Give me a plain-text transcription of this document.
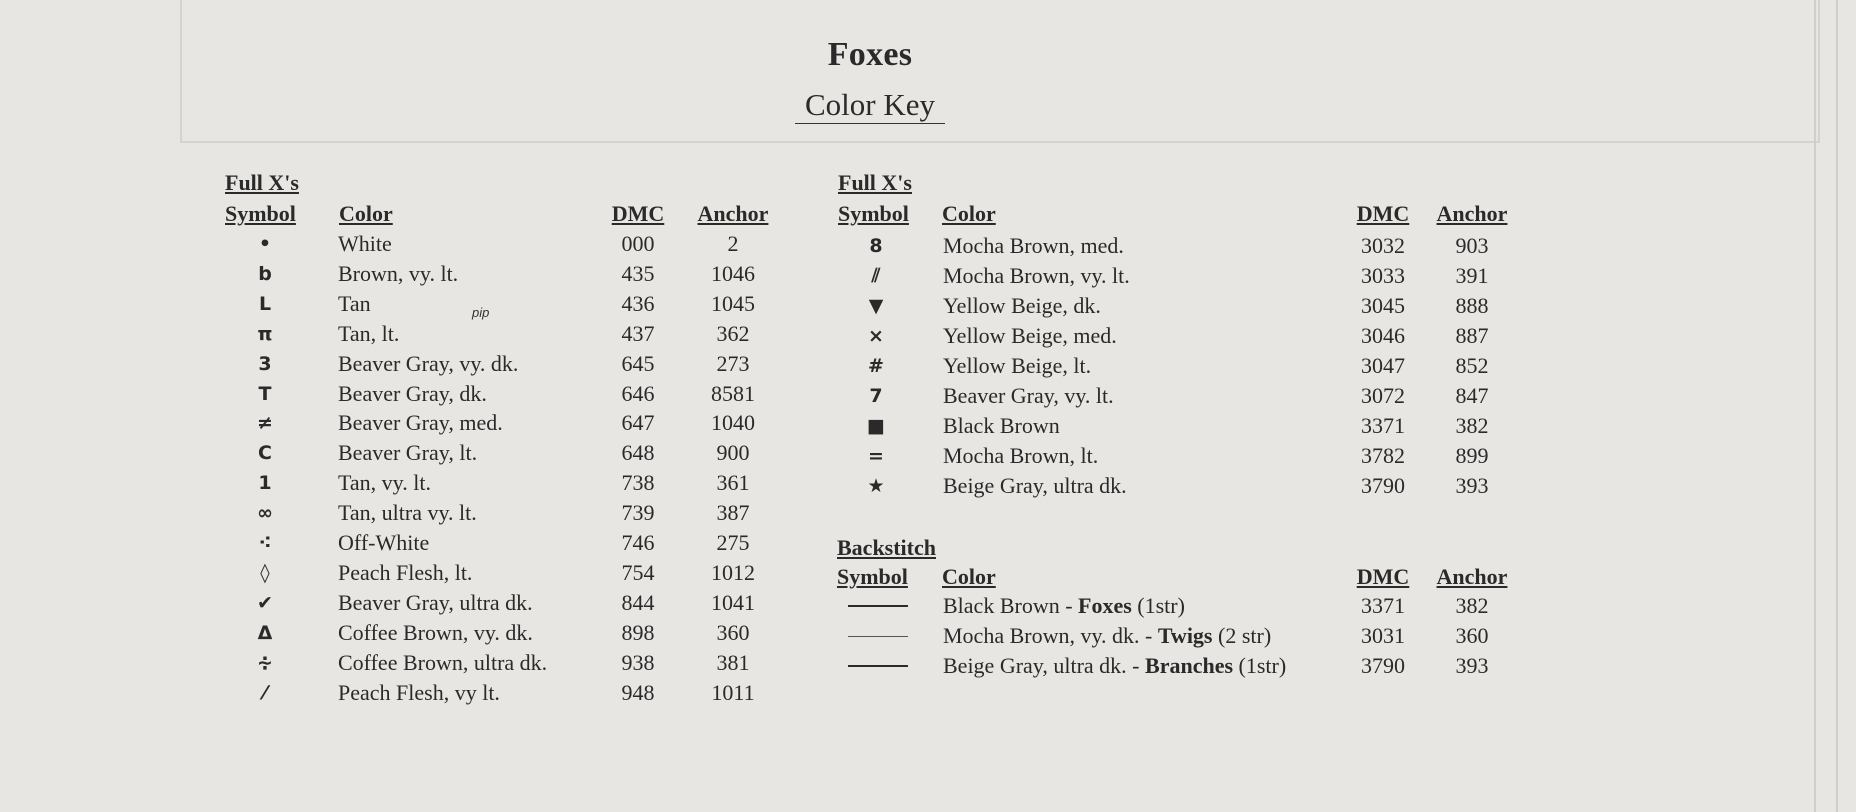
Foxes
Color Key
Full X's
Symbol Color	DMC	Anchor
•	White	000	2
b	Brown, vy. lt.	435	1046
L	Tan	436	1045
π	Tan, lt.	437	362
3	Beaver Gray, vy. dk.	645	273
T	Beaver Gray, dk.	646	8581
≠	Beaver Gray, med.	647	1040
C	Beaver Gray, lt.	648	900
1	Tan, vy. lt.	738	361
∞	Tan, ultra vy. lt.	739	387
⁖	Off-White	746	275
◊	Peach Flesh, lt.	754	1012
✔	Beaver Gray, ultra dk.	844	1041
Δ	Coffee Brown, vy. dk.	898	360
∻	Coffee Brown, ultra dk.	938	381
⁄	Peach Flesh, vy lt.	948	1011
pip
Full X's
Symbol Color	DMC	Anchor
8	Mocha Brown, med.	3032	903
⫽	Mocha Brown, vy. lt.	3033	391
▼	Yellow Beige, dk.	3045	888
×	Yellow Beige, med.	3046	887
#	Yellow Beige, lt.	3047	852
7	Beaver Gray, vy. lt.	3072	847
■	Black Brown	3371	382
=	Mocha Brown, lt.	3782	899
★	Beige Gray, ultra dk.	3790	393
Backstitch
Symbol Color	DMC	Anchor
Black Brown - Foxes (1str)	3371	382
Mocha Brown, vy. dk. - Twigs (2 str)	3031	360
Beige Gray, ultra dk. - Branches (1str)	3790	393
